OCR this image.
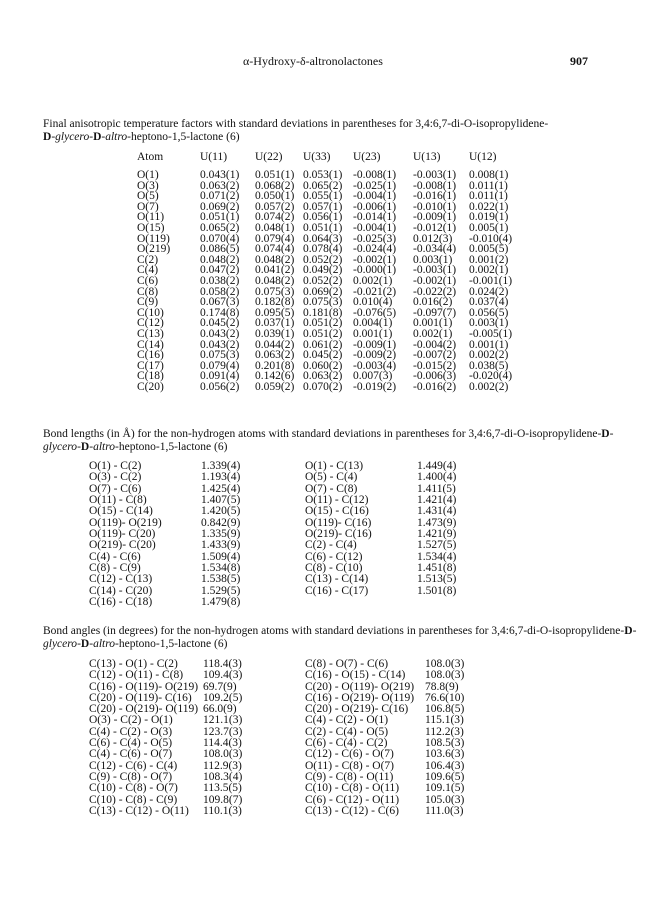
α-Hydroxy-δ-altronolactones	907
Final anisotropic temperature factors with standard deviations in parentheses for 3,4:6,7-di-O-isopropylidene-
D-glycero-D-altro-heptono-1,5-lactone (6)
Atom	U(11)	U(22)	U(33)	U(23)	U(13)	U(12)
O(1)	0.043(1)	0.051(1)	0.053(1)	-0.008(1)	-0.003(1)	0.008(1)
O(3)	0.063(2)	0.068(2)	0.065(2)	-0.025(1)	-0.008(1)	0.011(1)
O(5)	0.071(2)	0.050(1)	0.055(1)	-0.004(1)	-0.016(1)	0.011(1)
O(7)	0.069(2)	0.057(2)	0.057(1)	-0.006(1)	-0.010(1)	0.022(1)
O(11)	0.051(1)	0.074(2)	0.056(1)	-0.014(1)	-0.009(1)	0.019(1)
O(15)	0.065(2)	0.048(1)	0.051(1)	-0.004(1)	-0.012(1)	0.005(1)
O(119)	0.070(4)	0.079(4)	0.064(3)	-0.025(3)	0.012(3)	-0.010(4)
O(219)	0.086(5)	0.074(4)	0.078(4)	-0.024(4)	-0.034(4)	0.005(5)
C(2)	0.048(2)	0.048(2)	0.052(2)	-0.002(1)	0.003(1)	0.001(2)
C(4)	0.047(2)	0.041(2)	0.049(2)	-0.000(1)	-0.003(1)	0.002(1)
C(6)	0.038(2)	0.048(2)	0.052(2)	0.002(1)	-0.002(1)	-0.001(1)
C(8)	0.058(2)	0.075(3)	0.069(2)	-0.021(2)	-0.022(2)	0.024(2)
C(9)	0.067(3)	0.182(8)	0.075(3)	0.010(4)	0.016(2)	0.037(4)
C(10)	0.174(8)	0.095(5)	0.181(8)	-0.076(5)	-0.097(7)	0.056(5)
C(12)	0.045(2)	0.037(1)	0.051(2)	0.004(1)	0.001(1)	0.003(1)
C(13)	0.043(2)	0.039(1)	0.051(2)	0.001(1)	0.002(1)	-0.005(1)
C(14)	0.043(2)	0.044(2)	0.061(2)	-0.009(1)	-0.004(2)	0.001(1)
C(16)	0.075(3)	0.063(2)	0.045(2)	-0.009(2)	-0.007(2)	0.002(2)
C(17)	0.079(4)	0.201(8)	0.060(2)	-0.003(4)	-0.015(2)	0.038(5)
C(18)	0.091(4)	0.142(6)	0.063(2)	0.007(3)	-0.006(3)	-0.020(4)
C(20)	0.056(2)	0.059(2)	0.070(2)	-0.019(2)	-0.016(2)	0.002(2)
Bond lengths (in Å) for the non-hydrogen atoms with standard deviations in parentheses for 3,4:6,7-di-O-isopropylidene-D-glycero-D-altro-heptono-1,5-lactone (6)
O(1) - C(2)	1.339(4)	O(1) - C(13)	1.449(4)
O(3) - C(2)	1.193(4)	O(5) - C(4)	1.400(4)
O(7) - C(6)	1.425(4)	O(7) - C(8)	1.411(5)
O(11) - C(8)	1.407(5)	O(11) - C(12)	1.421(4)
O(15) - C(14)	1.420(5)	O(15) - C(16)	1.431(4)
O(119)- O(219)	0.842(9)	O(119)- C(16)	1.473(9)
O(119)- C(20)	1.335(9)	O(219)- C(16)	1.421(9)
O(219)- C(20)	1.433(9)	C(2) - C(4)	1.527(5)
C(4) - C(6)	1.509(4)	C(6) - C(12)	1.534(4)
C(8) - C(9)	1.534(8)	C(8) - C(10)	1.451(8)
C(12) - C(13)	1.538(5)	C(13) - C(14)	1.513(5)
C(14) - C(20)	1.529(5)	C(16) - C(17)	1.501(8)
C(16) - C(18)	1.479(8)		
Bond angles (in degrees) for the non-hydrogen atoms with standard deviations in parentheses for 3,4:6,7-di-O-isopropylidene-D-glycero-D-altro-heptono-1,5-lactone (6)
C(13) - O(1) - C(2)	118.4(3)	C(8) - O(7) - C(6)	108.0(3)
C(12) - O(11) - C(8)	109.4(3)	C(16) - O(15) - C(14)	108.0(3)
C(16) - O(119)- O(219)	69.7(9)	C(20) - O(119)- O(219)	78.8(9)
C(20) - O(119)- C(16)	109.2(5)	C(16) - O(219)- O(119)	76.6(10)
C(20) - O(219)- O(119)	66.0(9)	C(20) - O(219)- C(16)	106.8(5)
O(3) - C(2) - O(1)	121.1(3)	C(4) - C(2) - O(1)	115.1(3)
C(4) - C(2) - O(3)	123.7(3)	C(2) - C(4) - O(5)	112.2(3)
C(6) - C(4) - O(5)	114.4(3)	C(6) - C(4) - C(2)	108.5(3)
C(4) - C(6) - O(7)	108.0(3)	C(12) - C(6) - O(7)	103.6(3)
C(12) - C(6) - C(4)	112.9(3)	O(11) - C(8) - O(7)	106.4(3)
C(9) - C(8) - O(7)	108.3(4)	C(9) - C(8) - O(11)	109.6(5)
C(10) - C(8) - O(7)	113.5(5)	C(10) - C(8) - O(11)	109.1(5)
C(10) - C(8) - C(9)	109.8(7)	C(6) - C(12) - O(11)	105.0(3)
C(13) - C(12) - O(11)	110.1(3)	C(13) - C(12) - C(6)	111.0(3)
